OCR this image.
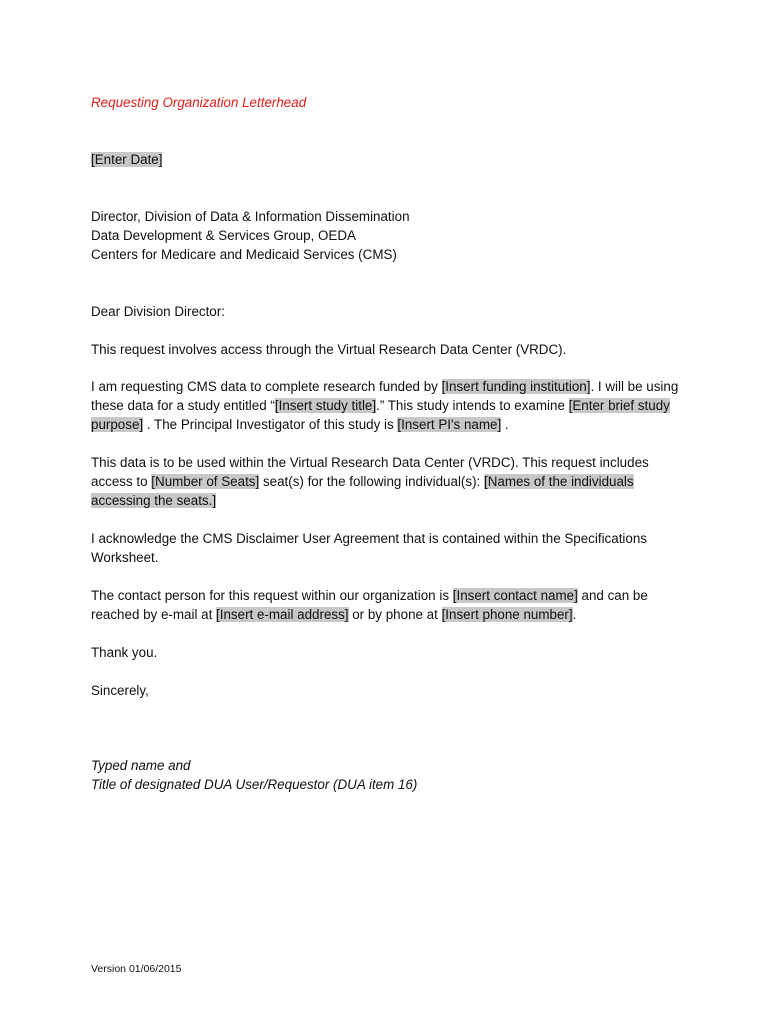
Requesting Organization Letterhead

[Enter Date]

Director, Division of Data & Information Dissemination
Data Development & Services Group, OEDA
Centers for Medicare and Medicaid Services (CMS)

Dear Division Director:

This request involves access through the Virtual Research Data Center (VRDC).

I am requesting CMS data to complete research funded by [Insert funding institution]. I will be using these data for a study entitled “[Insert study title].” This study intends to examine [Enter brief study purpose] . The Principal Investigator of this study is [Insert PI's name] .

This data is to be used within the Virtual Research Data Center (VRDC). This request includes access to [Number of Seats] seat(s) for the following individual(s): [Names of the individuals accessing the seats.]

I acknowledge the CMS Disclaimer User Agreement that is contained within the Specifications Worksheet.

The contact person for this request within our organization is [Insert contact name] and can be reached by e-mail at [Insert e-mail address] or by phone at [Insert phone number].

Thank you.

Sincerely,

Typed name and
Title of designated DUA User/Requestor (DUA item 16)

Version 01/06/2015
